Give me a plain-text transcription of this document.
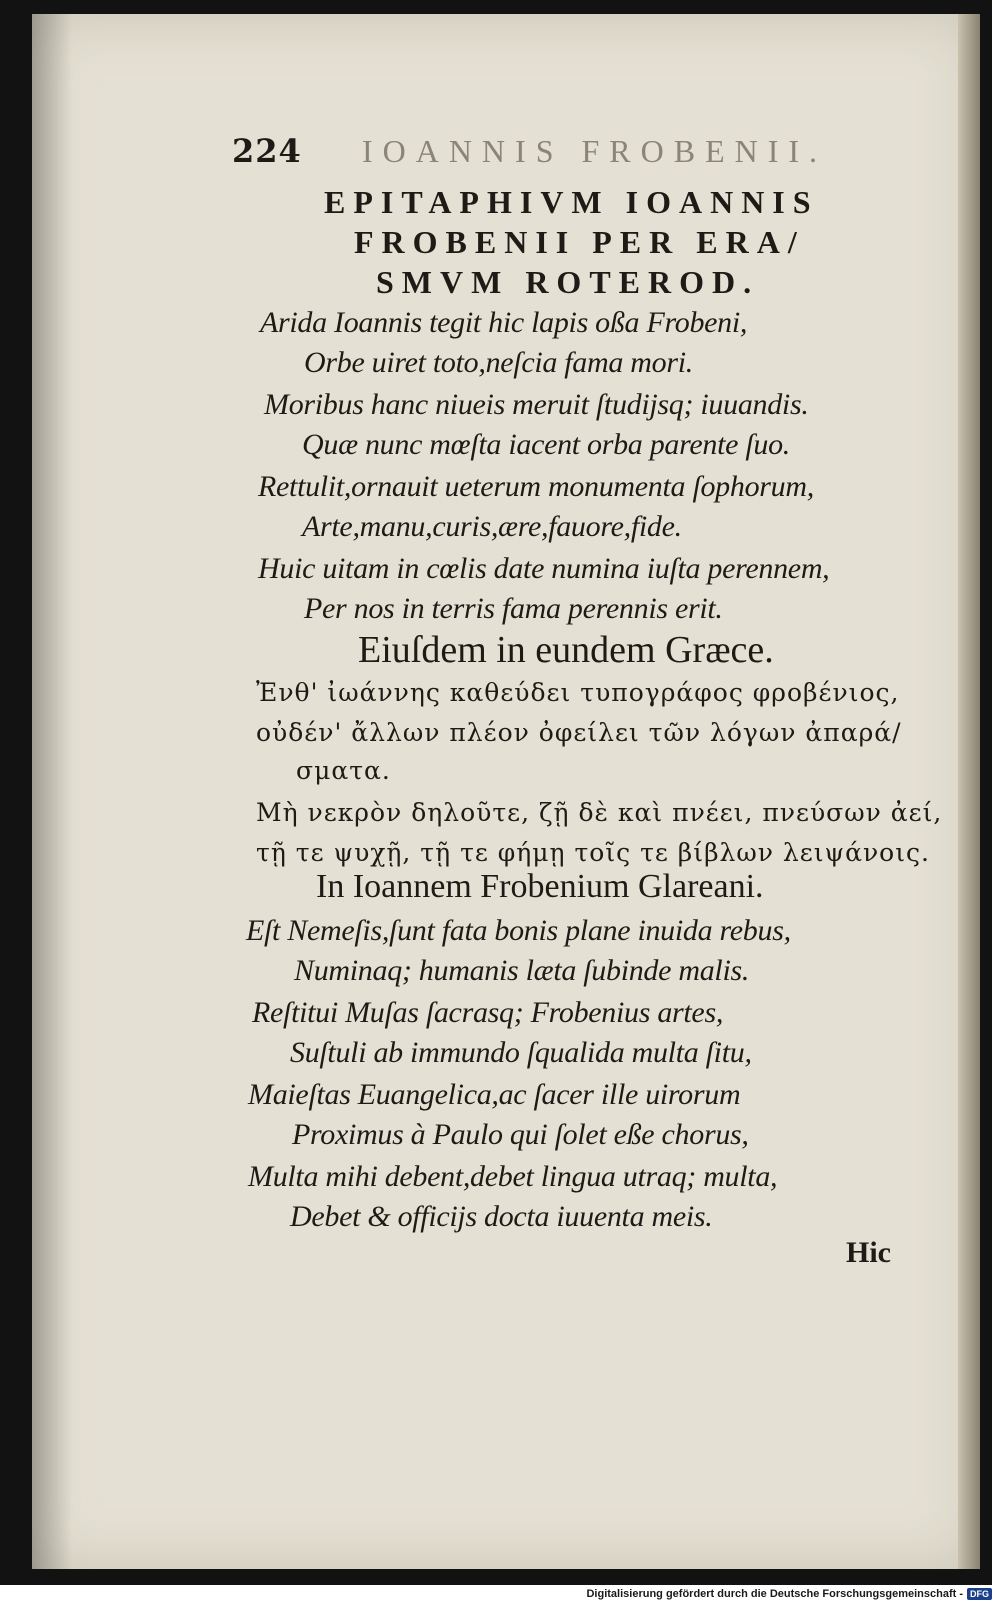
224 IOANNIS FROBENII.
EPITAPHIVM IOANNIS
FROBENII PER ERA/
SMVM ROTEROD.
Arida Ioannis tegit hic lapis oßa Frobeni,
Orbe uiret toto,neſcia fama mori.
Moribus hanc niueis meruit ſtudijsq; iuuandis.
Quæ nunc mœſta iacent orba parente ſuo.
Rettulit,ornauit ueterum monumenta ſophorum,
Arte,manu,curis,ære,fauore,fide.
Huic uitam in cœlis date numina iuſta perennem,
Per nos in terris fama perennis erit.
Eiuſdem in eundem Græce.
Ἐνθ' ἰωάννης καθεύδει τυπογράφος φροβένιος,
οὐδέν' ἄλλων πλέον ὀφείλει τῶν λόγων ἀπαρά/
σματα.
Μὴ νεκρὸν δηλοῦτε, ζῇ δὲ καὶ πνέει, πνεύσων ἀεί,
τῇ τε ψυχῇ, τῇ τε φήμῃ τοῖς τε βίβλων λειψάνοις.
In Ioannem Frobenium Glareani.
Eſt Nemeſis,ſunt fata bonis plane inuida rebus,
Numinaq; humanis læta ſubinde malis.
Reſtitui Muſas ſacrasq; Frobenius artes,
Suſtuli ab immundo ſqualida multa ſitu,
Maieſtas Euangelica,ac ſacer ille uirorum
Proximus à Paulo qui ſolet eße chorus,
Multa mihi debent,debet lingua utraq; multa,
Debet & officijs docta iuuenta meis.
Hic
Digitalisierung gefördert durch die Deutsche Forschungsgemeinschaft - DFG
